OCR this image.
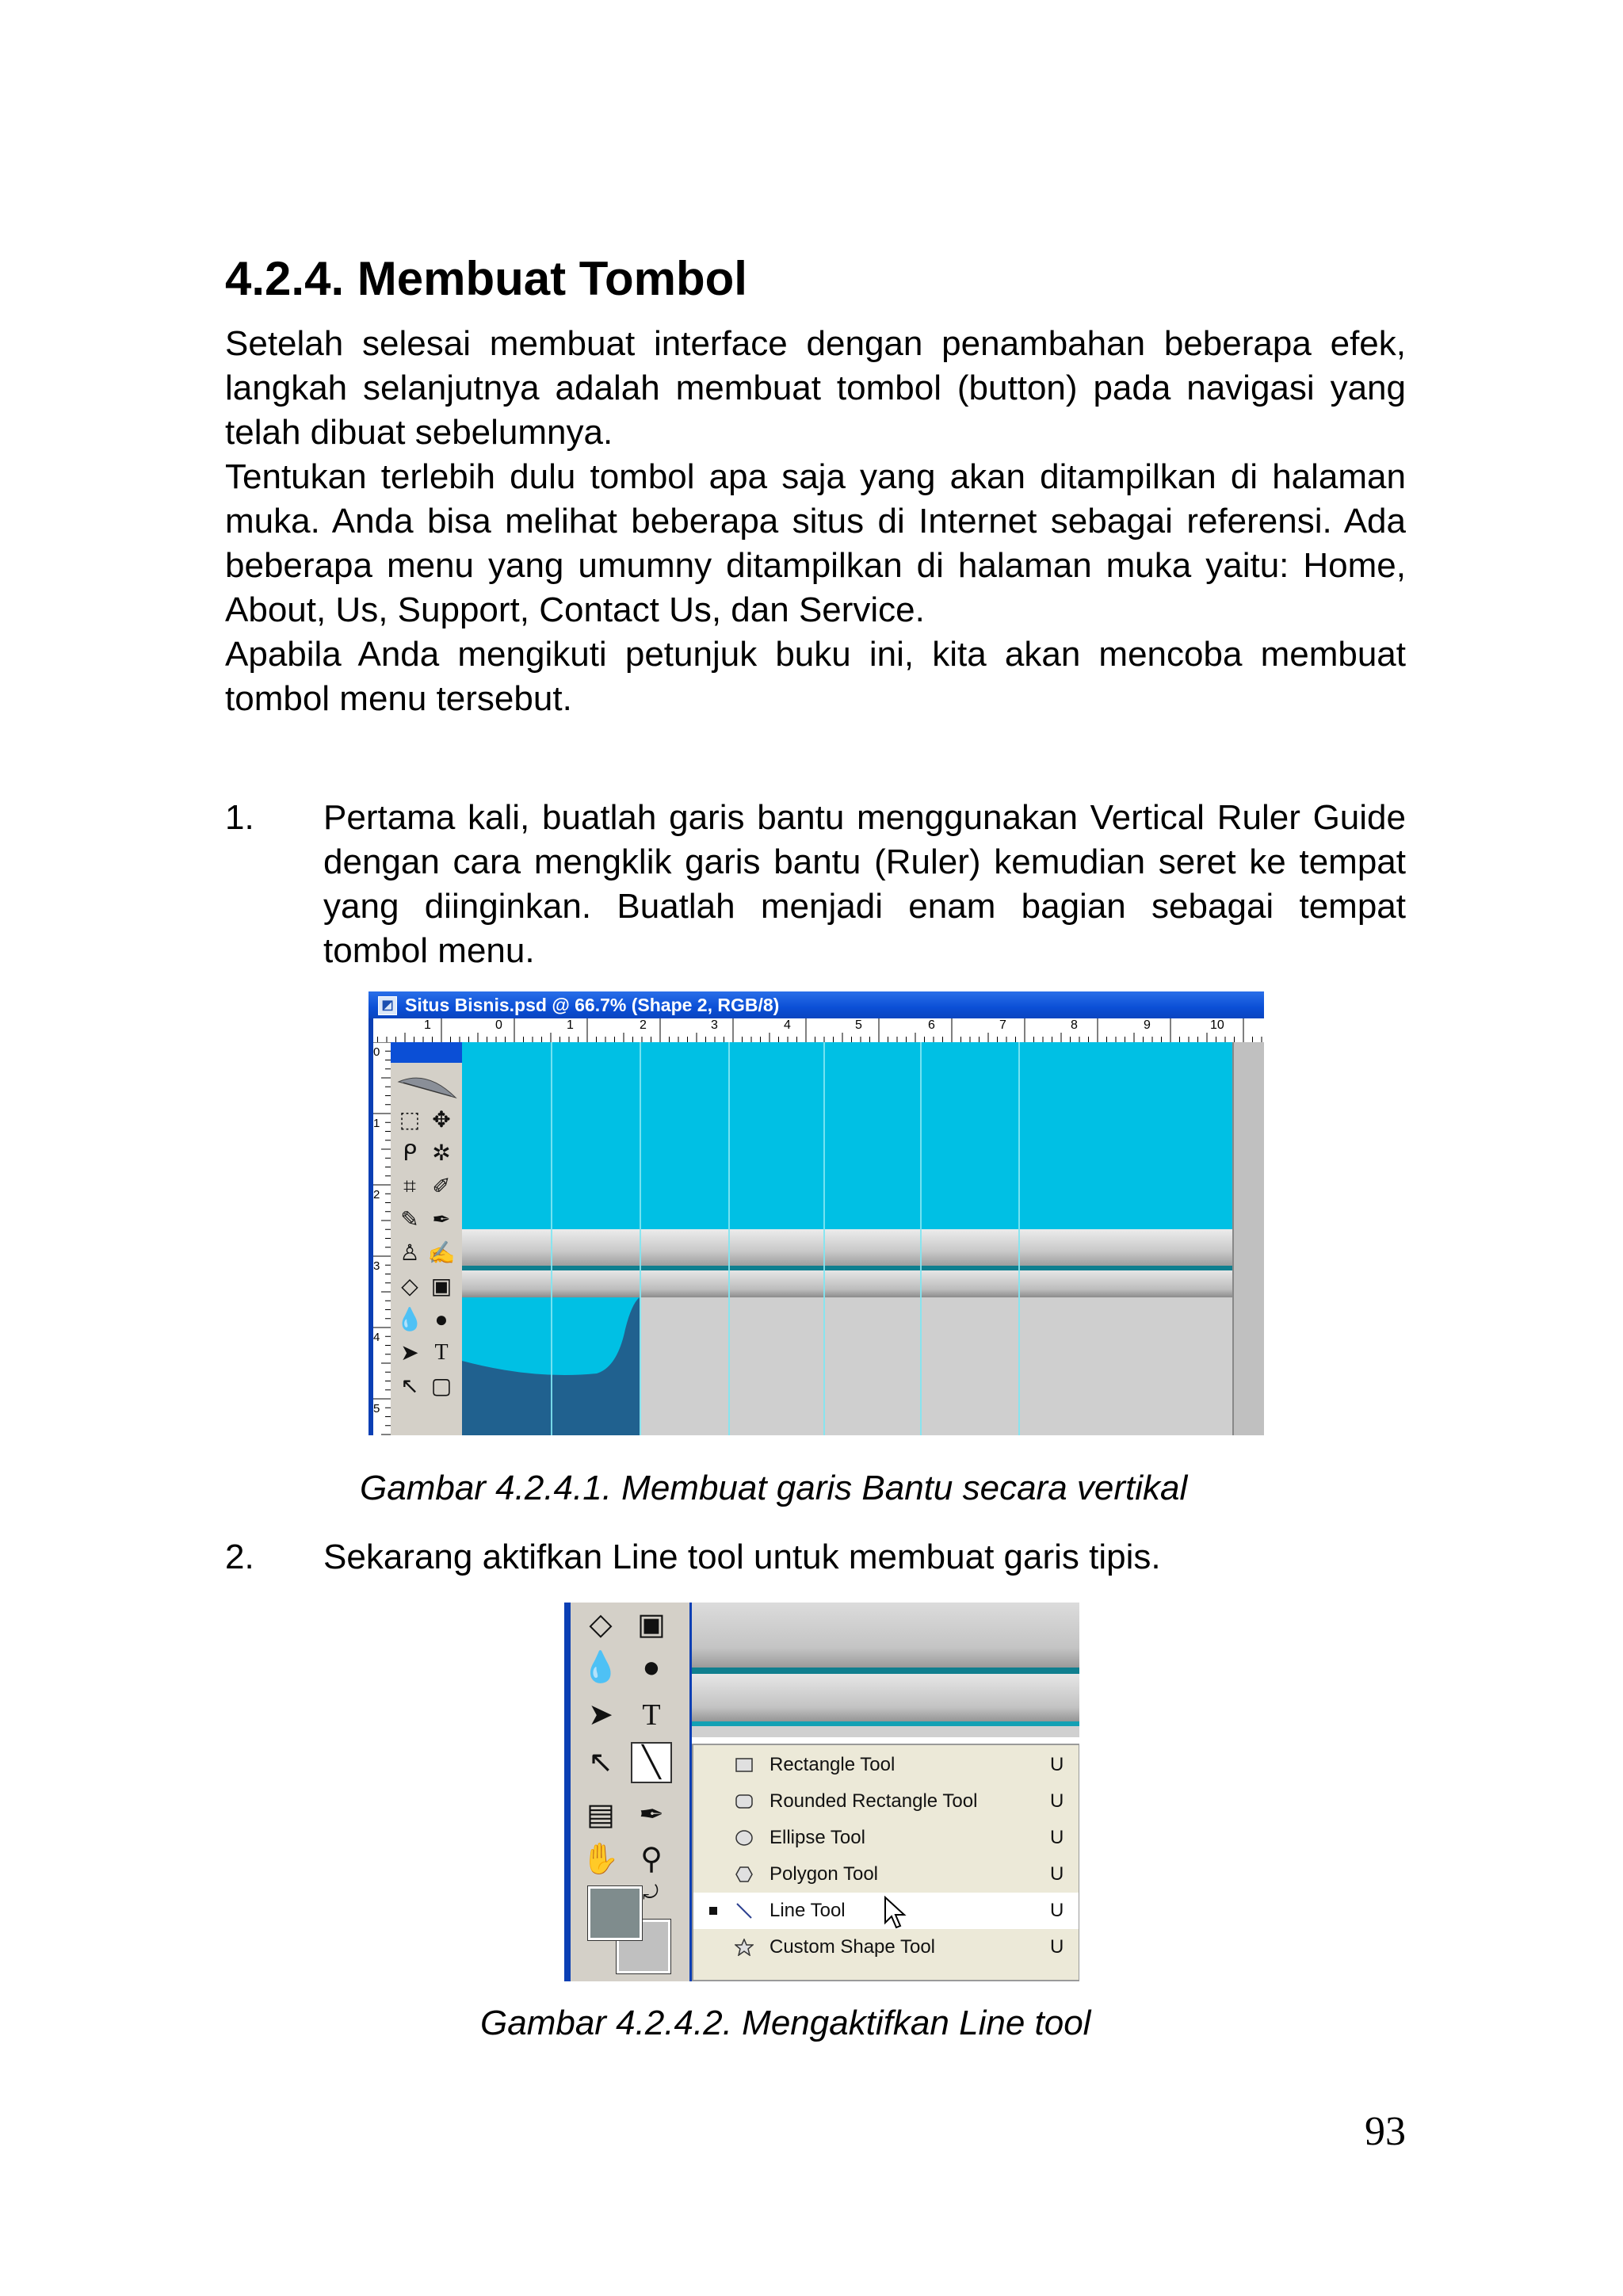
4.2.4. Membuat Tombol

Setelah selesai membuat interface dengan penambahan beberapa efek, langkah selanjutnya adalah membuat tombol (button) pada navigasi yang telah dibuat sebelumnya.

Tentukan terlebih dulu tombol apa saja yang akan ditampilkan di halaman muka. Anda bisa melihat beberapa situs di Internet sebagai referensi. Ada beberapa menu yang umumny ditampilkan di halaman muka yaitu: Home, About, Us, Support, Contact Us, dan Service.

Apabila Anda mengikuti petunjuk buku ini, kita akan mencoba membuat tombol menu tersebut.

1. Pertama kali, buatlah garis bantu menggunakan Vertical Ruler Guide dengan cara mengklik garis bantu (Ruler) kemudian seret ke tempat yang diinginkan. Buatlah menjadi enam bagian sebagai tempat tombol menu.

◩ Situs Bisnis.psd @ 66.7% (Shape 2, RGB/8)
1	0	1	2	3	4	5	6	7	8	9	10
0
1
2
3
4
5
⬚ ✥
ᑭ ✲
⌗ ✐
✎ ✒
♙ ✍
◇ ▣
💧 ●
➤ T
↖ ▢
Gambar 4.2.4.1. Membuat garis Bantu secara vertikal
2. Sekarang aktifkan Line tool untuk membuat garis tipis.

◇ ▣
💧 ●
➤ T
↖ ╲
▤ ✒
✋ ⚲
⤾
Rectangle Tool	U
Rounded Rectangle Tool	U
Ellipse Tool	U
Polygon Tool	U
Line Tool	U
Custom Shape Tool	U
Gambar 4.2.4.2. Mengaktifkan Line tool
93
